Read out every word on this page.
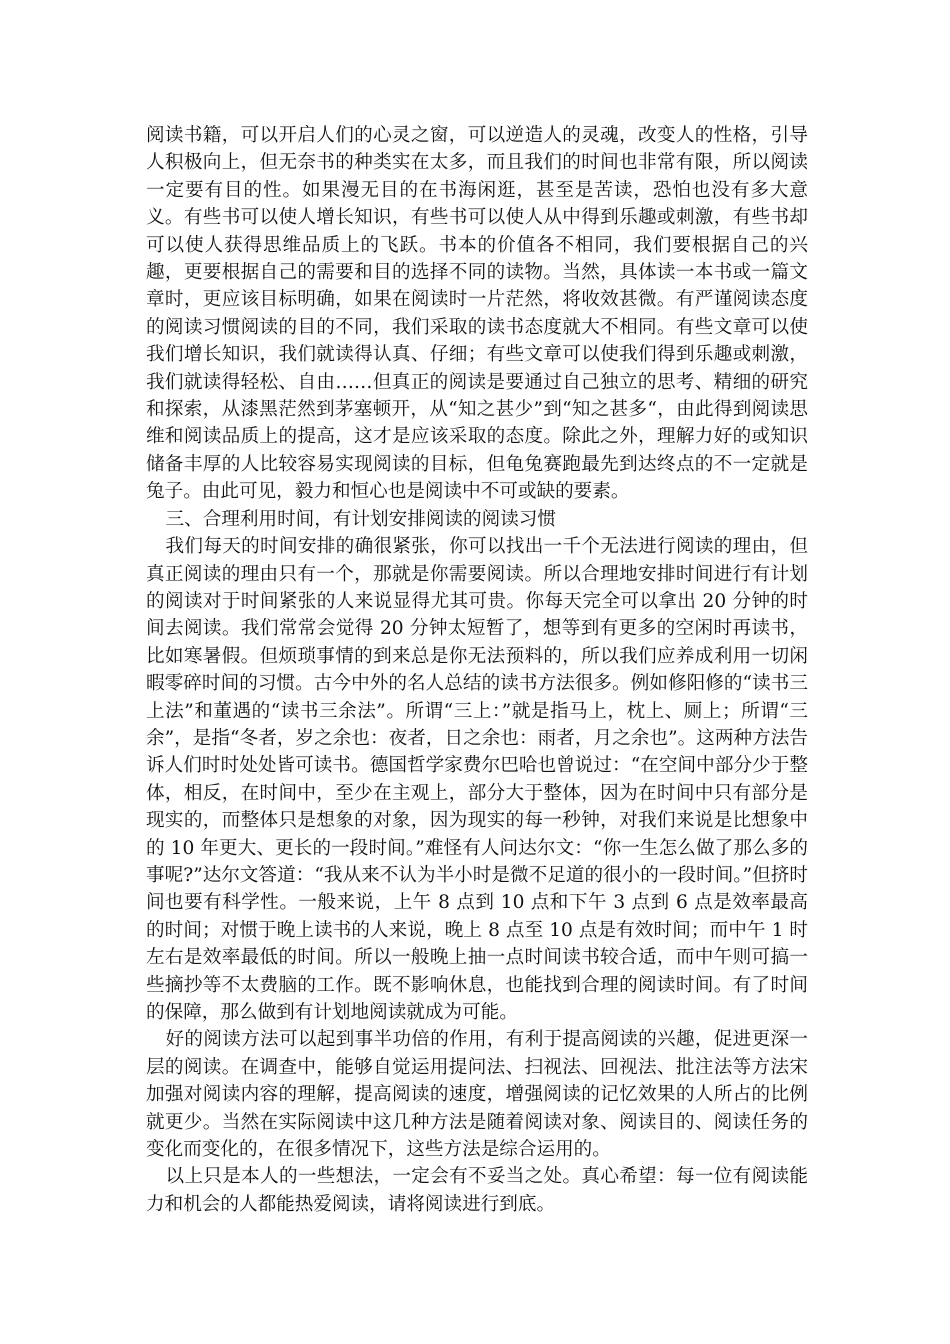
阅读书籍，可以开启人们的心灵之窗，可以逆造人的灵魂，改变人的性格，引导人积极向上，但无奈书的种类实在太多，而且我们的时间也非常有限，所以阅读一定要有目的性。如果漫无目的在书海闲逛，甚至是苦读，恐怕也没有多大意义。有些书可以使人增长知识，有些书可以使人从中得到乐趣或刺激，有些书却可以使人获得思维品质上的飞跃。书本的价值各不相同，我们要根据自己的兴趣，更要根据自己的需要和目的选择不同的读物。当然，具体读一本书或一篇文章时，更应该目标明确，如果在阅读时一片茫然，将收效甚微。有严谨阅读态度的阅读习惯阅读的目的不同，我们采取的读书态度就大不相同。有些文章可以使我们增长知识，我们就读得认真、仔细；有些文章可以使我们得到乐趣或刺激，我们就读得轻松、自由……但真正的阅读是要通过自己独立的思考、精细的研究和探索，从漆黑茫然到茅塞顿开，从“知之甚少”到“知之甚多“，由此得到阅读思维和阅读品质上的提高，这才是应该采取的态度。除此之外，理解力好的或知识储备丰厚的人比较容易实现阅读的目标，但龟兔赛跑最先到达终点的不一定就是兔子。由此可见，毅力和恒心也是阅读中不可或缺的要素。

三、合理利用时间，有计划安排阅读的阅读习惯

我们每天的时间安排的确很紧张，你可以找出一千个无法进行阅读的理由，但真正阅读的理由只有一个，那就是你需要阅读。所以合理地安排时间进行有计划的阅读对于时间紧张的人来说显得尤其可贵。你每天完全可以拿出 20 分钟的时间去阅读。我们常常会觉得 20 分钟太短暂了，想等到有更多的空闲时再读书，比如寒暑假。但烦琐事情的到来总是你无法预料的，所以我们应养成利用一切闲暇零碎时间的习惯。古今中外的名人总结的读书方法很多。例如修阳修的“读书三上法”和董遇的“读书三余法”。所谓“三上：”就是指马上，枕上、厕上；所谓“三余”，是指“冬者，岁之余也：夜者，日之余也：雨者，月之余也”。这两种方法告诉人们时时处处皆可读书。德国哲学家费尔巴哈也曾说过：“在空间中部分少于整体，相反，在时间中，至少在主观上，部分大于整体，因为在时间中只有部分是现实的，而整体只是想象的对象，因为现实的每一秒钟，对我们来说是比想象中的 10 年更大、更长的一段时间。”难怪有人问达尔文：“你一生怎么做了那么多的事呢?”达尔文答道：“我从来不认为半小时是微不足道的很小的一段时间。”但挤时间也要有科学性。一般来说，上午 8 点到 10 点和下午 3 点到 6 点是效率最高的时间；对惯于晚上读书的人来说，晚上 8 点至 10 点是有效时间；而中午 1 时左右是效率最低的时间。所以一般晚上抽一点时间读书较合适，而中午则可搞一些摘抄等不太费脑的工作。既不影响休息，也能找到合理的阅读时间。有了时间的保障，那么做到有计划地阅读就成为可能。

好的阅读方法可以起到事半功倍的作用，有利于提高阅读的兴趣，促进更深一层的阅读。在调查中，能够自觉运用提问法、扫视法、回视法、批注法等方法宋加强对阅读内容的理解，提高阅读的速度，增强阅读的记忆效果的人所占的比例就更少。当然在实际阅读中这几种方法是随着阅读对象、阅读目的、阅读任务的变化而变化的，在很多情况下，这些方法是综合运用的。

以上只是本人的一些想法，一定会有不妥当之处。真心希望：每一位有阅读能力和机会的人都能热爱阅读，请将阅读进行到底。
